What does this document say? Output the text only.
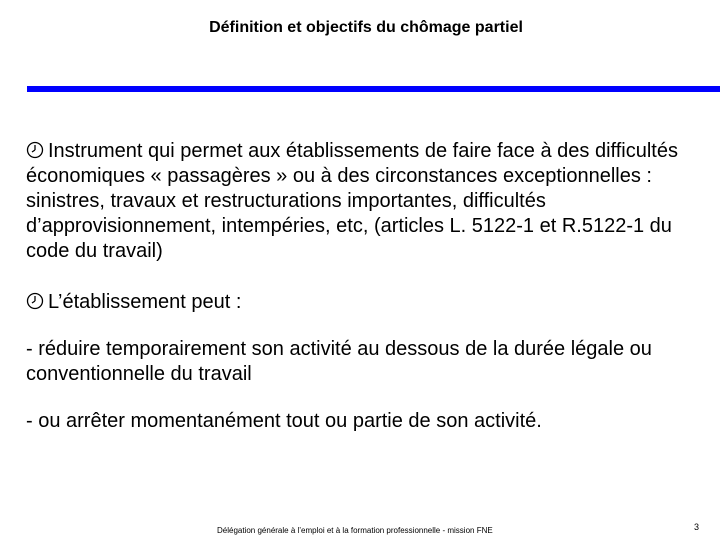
Définition et objectifs du chômage partiel
Instrument qui permet aux établissements de faire face à des difficultés économiques « passagères » ou à des circonstances exceptionnelles : sinistres, travaux et restructurations importantes, difficultés d’approvisionnement, intempéries, etc, (articles L. 5122-1 et R.5122-1 du code du travail)
L’établissement peut :
- réduire temporairement son activité au dessous de la durée légale ou conventionnelle du travail
- ou arrêter momentanément tout ou partie de son activité.
Délégation générale à l’emploi et à la formation professionnelle - mission FNE	3
